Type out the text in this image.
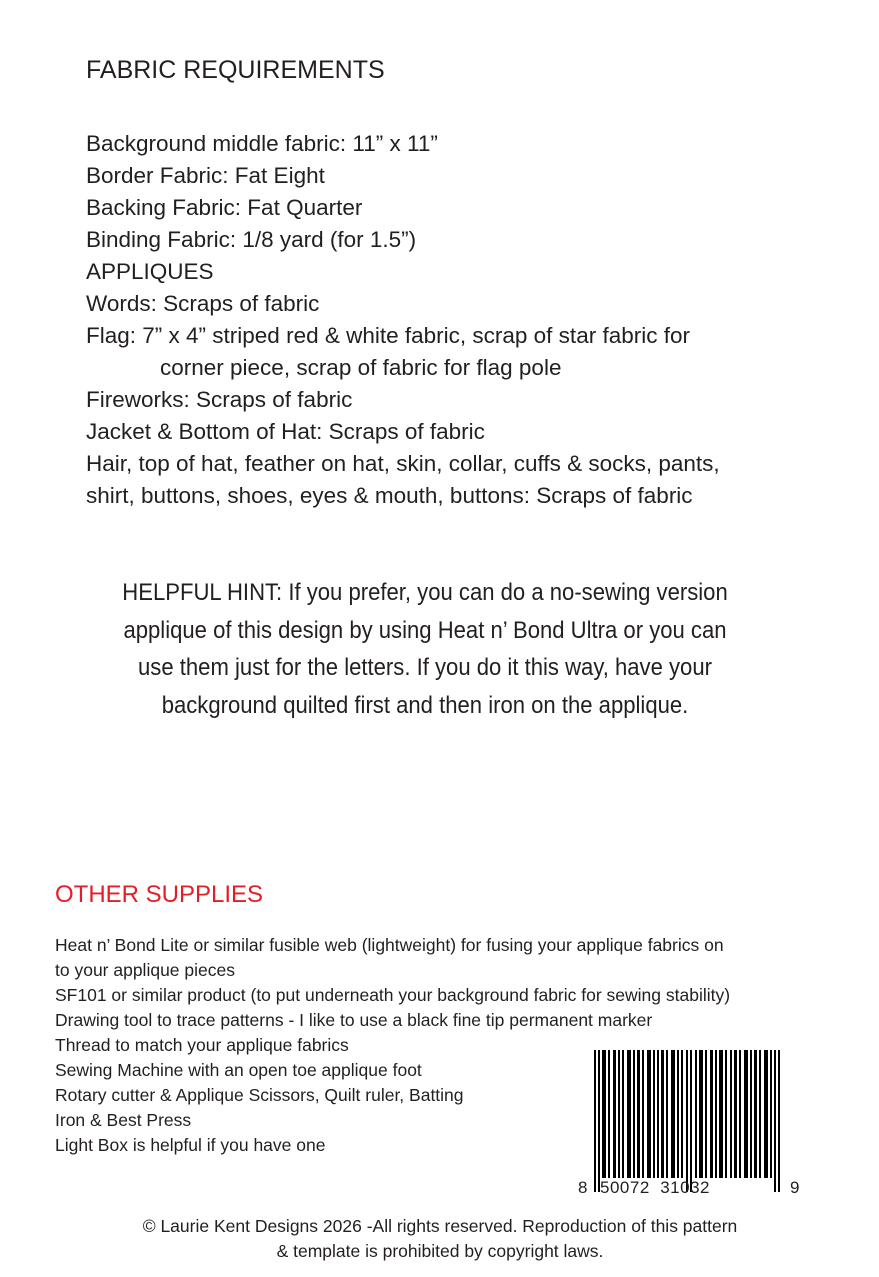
FABRIC REQUIREMENTS
Background middle fabric: 11” x 11”
Border Fabric: Fat Eight
Backing Fabric: Fat Quarter
Binding Fabric: 1/8 yard (for 1.5”)
APPLIQUES
Words: Scraps of fabric
Flag: 7” x 4” striped red & white fabric, scrap of star fabric for
corner piece, scrap of fabric for flag pole
Fireworks: Scraps of fabric
Jacket & Bottom of Hat: Scraps of fabric
Hair, top of hat, feather on hat, skin, collar, cuffs & socks, pants,
shirt, buttons, shoes, eyes & mouth, buttons: Scraps of fabric
HELPFUL HINT: If you prefer, you can do a no-sewing version
applique of this design by using Heat n’ Bond Ultra or you can
use them just for the letters. If you do it this way, have your
background quilted first and then iron on the applique.
OTHER SUPPLIES
Heat n’ Bond Lite or similar fusible web (lightweight) for fusing your applique fabrics on
to your applique pieces
SF101 or similar product (to put underneath your background fabric for sewing stability)
Drawing tool to trace patterns - I like to use a black fine tip permanent marker
Thread to match your applique fabrics
Sewing Machine with an open toe applique foot
Rotary cutter & Applique Scissors, Quilt ruler, Batting
Iron & Best Press
Light Box is helpful if you have one
8 50072  31032	9
© Laurie Kent Designs 2026 -All rights reserved. Reproduction of this pattern
& template is prohibited by copyright laws.
